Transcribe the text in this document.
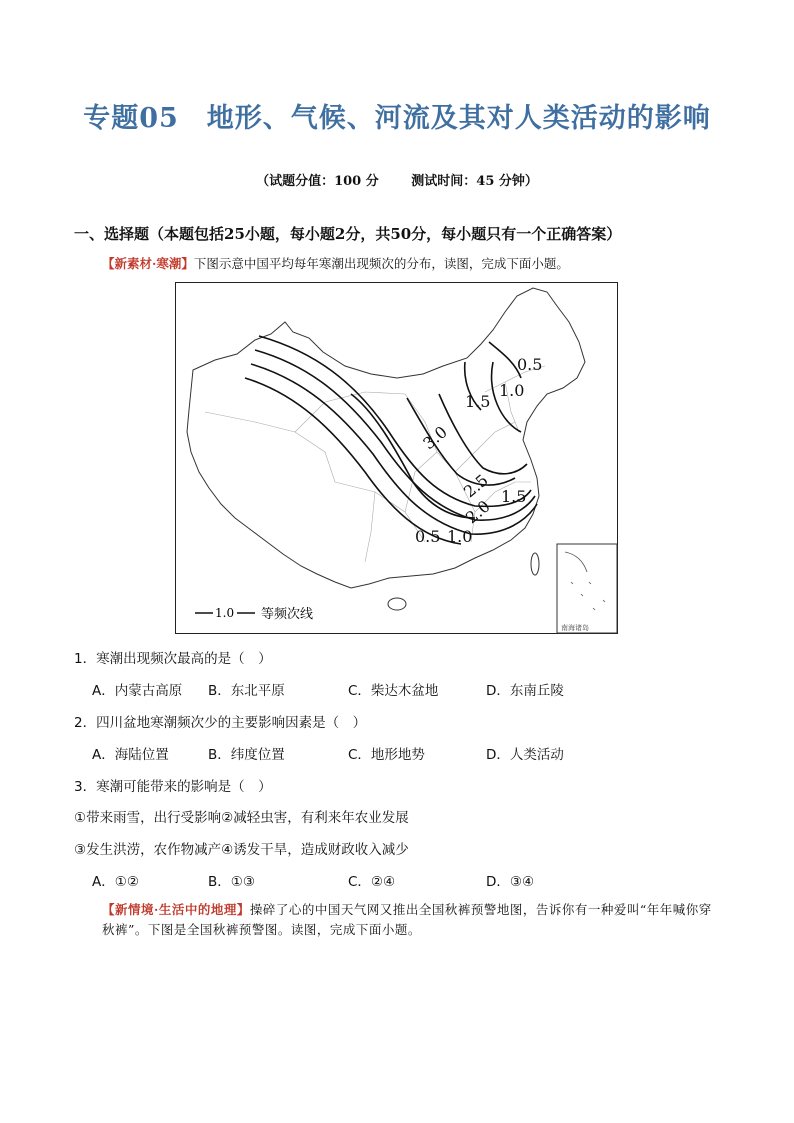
专题05　地形、气候、河流及其对人类活动的影响
（试题分值：100 分	测试时间：45 分钟）
一、选择题（本题包括25小题，每小题2分，共50分，每小题只有一个正确答案）
【新素材·寒潮】下图示意中国平均每年寒潮出现频次的分布，读图，完成下面小题。
0.5
1.0
1.5
3.0
2.5
2.0 1.5
0.5 1.0
1.0 等频次线
南海诸岛
1．寒潮出现频次最高的是（　）
A．内蒙古高原 B．东北平原	C．柴达木盆地	D．东南丘陵
2．四川盆地寒潮频次少的主要影响因素是（　）
A．海陆位置	B．纬度位置	C．地形地势	D．人类活动
3．寒潮可能带来的影响是（　）
①带来雨雪，出行受影响②减轻虫害，有利来年农业发展
③发生洪涝，农作物减产④诱发干旱，造成财政收入减少
A．①②	B．①③	C．②④	D．③④
【新情境·生活中的地理】操碎了心的中国天气网又推出全国秋裤预警地图，告诉你有一种爱叫“年年喊你穿秋裤”。下图是全国秋裤预警图。读图，完成下面小题。
